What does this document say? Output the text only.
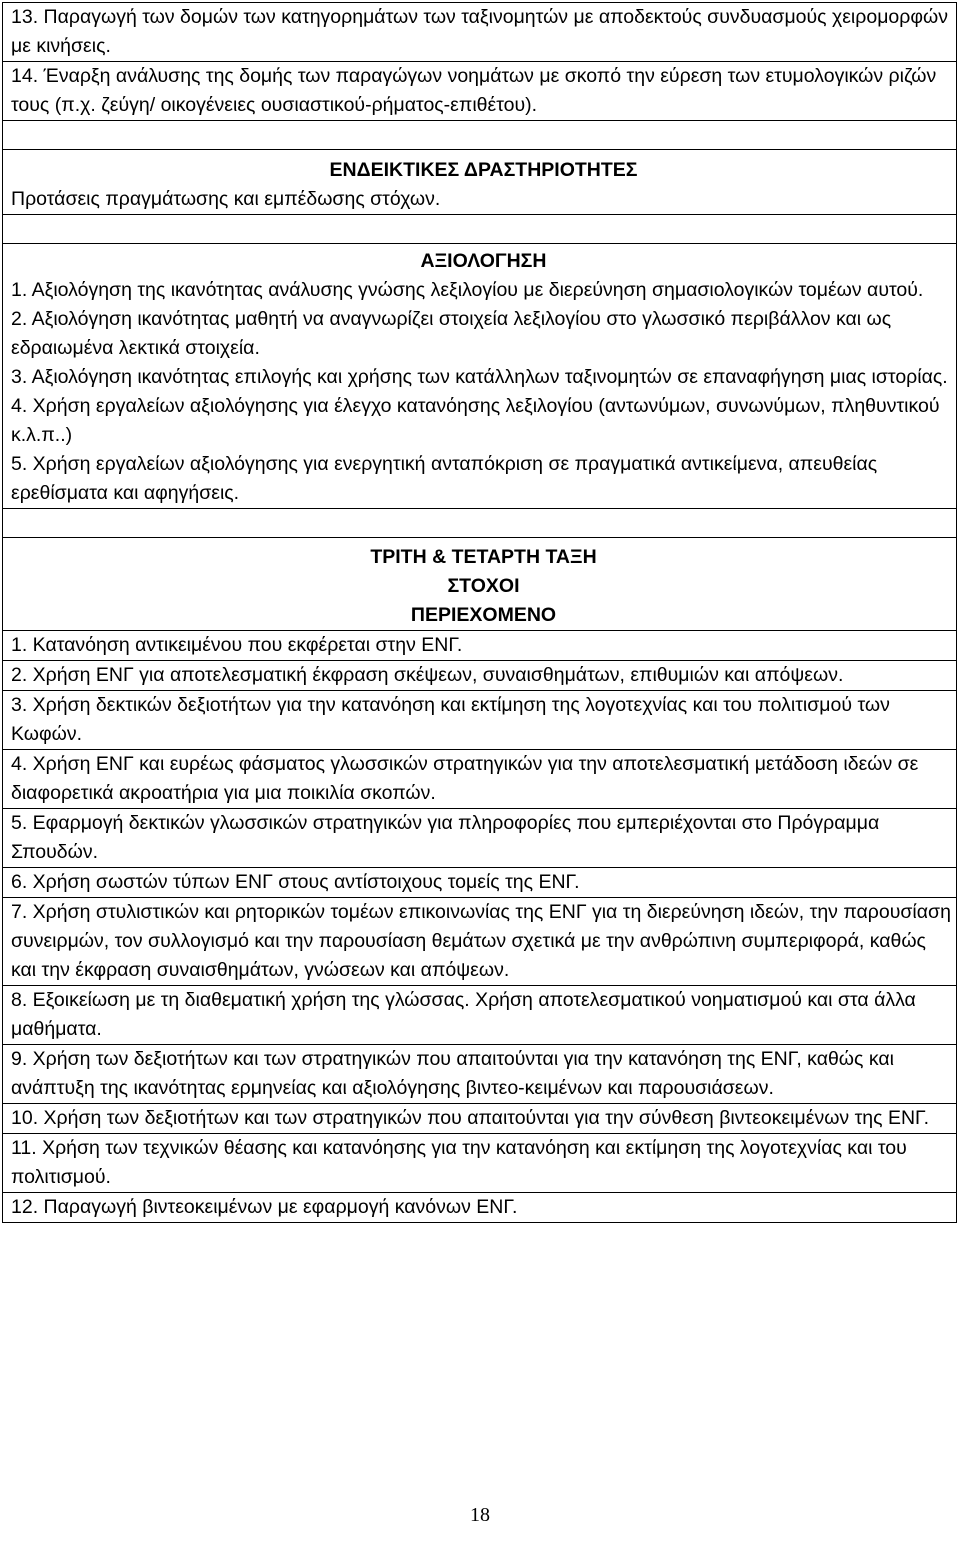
13. Παραγωγή των δομών των κατηγορημάτων των ταξινομητών με αποδεκτούς συνδυασμούς χειρομορφών με κινήσεις.
14. Έναρξη ανάλυσης της δομής των παραγώγων νοημάτων με σκοπό την εύρεση των ετυμολογικών ριζών τους (π.χ. ζεύγη/ οικογένειες ουσιαστικού-ρήματος-επιθέτου).

ΕΝΔΕΙΚΤΙΚΕΣ ΔΡΑΣΤΗΡΙΟΤΗΤΕΣ
Προτάσεις πραγμάτωσης και εμπέδωσης στόχων.

ΑΞΙΟΛΟΓΗΣΗ
1. Αξιολόγηση της ικανότητας ανάλυσης γνώσης λεξιλογίου με διερεύνηση σημασιολογικών τομέων αυτού.
2. Αξιολόγηση ικανότητας μαθητή να αναγνωρίζει στοιχεία λεξιλογίου στο γλωσσικό περιβάλλον και ως εδραιωμένα λεκτικά στοιχεία.
3. Αξιολόγηση ικανότητας επιλογής και χρήσης των κατάλληλων ταξινομητών σε επαναφήγηση μιας ιστορίας.
4. Χρήση εργαλείων αξιολόγησης για έλεγχο κατανόησης λεξιλογίου (αντωνύμων, συνωνύμων, πληθυντικού κ.λ.π..)
5. Χρήση εργαλείων αξιολόγησης για ενεργητική ανταπόκριση σε πραγματικά αντικείμενα, απευθείας ερεθίσματα και αφηγήσεις.

ΤΡΙΤΗ & ΤΕΤΑΡΤΗ ΤΑΞΗ
ΣΤΟΧΟΙ
ΠΕΡΙΕΧΟΜΕΝΟ

1. Κατανόηση αντικειμένου που εκφέρεται στην ΕΝΓ.
2. Χρήση ΕΝΓ για αποτελεσματική έκφραση σκέψεων, συναισθημάτων, επιθυμιών και απόψεων.
3. Χρήση δεκτικών δεξιοτήτων για την κατανόηση και εκτίμηση της λογοτεχνίας και του πολιτισμού των Κωφών.
4. Χρήση ΕΝΓ και ευρέως φάσματος γλωσσικών στρατηγικών για την αποτελεσματική μετάδοση ιδεών σε διαφορετικά ακροατήρια για μια ποικιλία σκοπών.
5. Εφαρμογή δεκτικών γλωσσικών στρατηγικών για πληροφορίες που εμπεριέχονται στο Πρόγραμμα Σπουδών.
6. Χρήση σωστών τύπων ΕΝΓ στους αντίστοιχους τομείς της ΕΝΓ.
7. Χρήση στυλιστικών και ρητορικών τομέων επικοινωνίας της ΕΝΓ για τη διερεύνηση ιδεών, την παρουσίαση συνειρμών, τον συλλογισμό και την παρουσίαση θεμάτων σχετικά με την ανθρώπινη συμπεριφορά, καθώς και την έκφραση συναισθημάτων, γνώσεων και απόψεων.
8. Εξοικείωση με τη διαθεματική χρήση της γλώσσας. Χρήση αποτελεσματικού νοηματισμού και στα άλλα μαθήματα.
9. Χρήση των δεξιοτήτων και των στρατηγικών που απαιτούνται για την κατανόηση της ΕΝΓ, καθώς και ανάπτυξη της ικανότητας ερμηνείας και αξιολόγησης βιντεο-κειμένων και παρουσιάσεων.
10. Χρήση των δεξιοτήτων και των στρατηγικών που απαιτούνται για την σύνθεση βιντεοκειμένων της ΕΝΓ.
11. Χρήση των τεχνικών θέασης και κατανόησης για την κατανόηση και εκτίμηση της λογοτεχνίας και του πολιτισμού.
12. Παραγωγή βιντεοκειμένων με εφαρμογή κανόνων ΕΝΓ.
18
